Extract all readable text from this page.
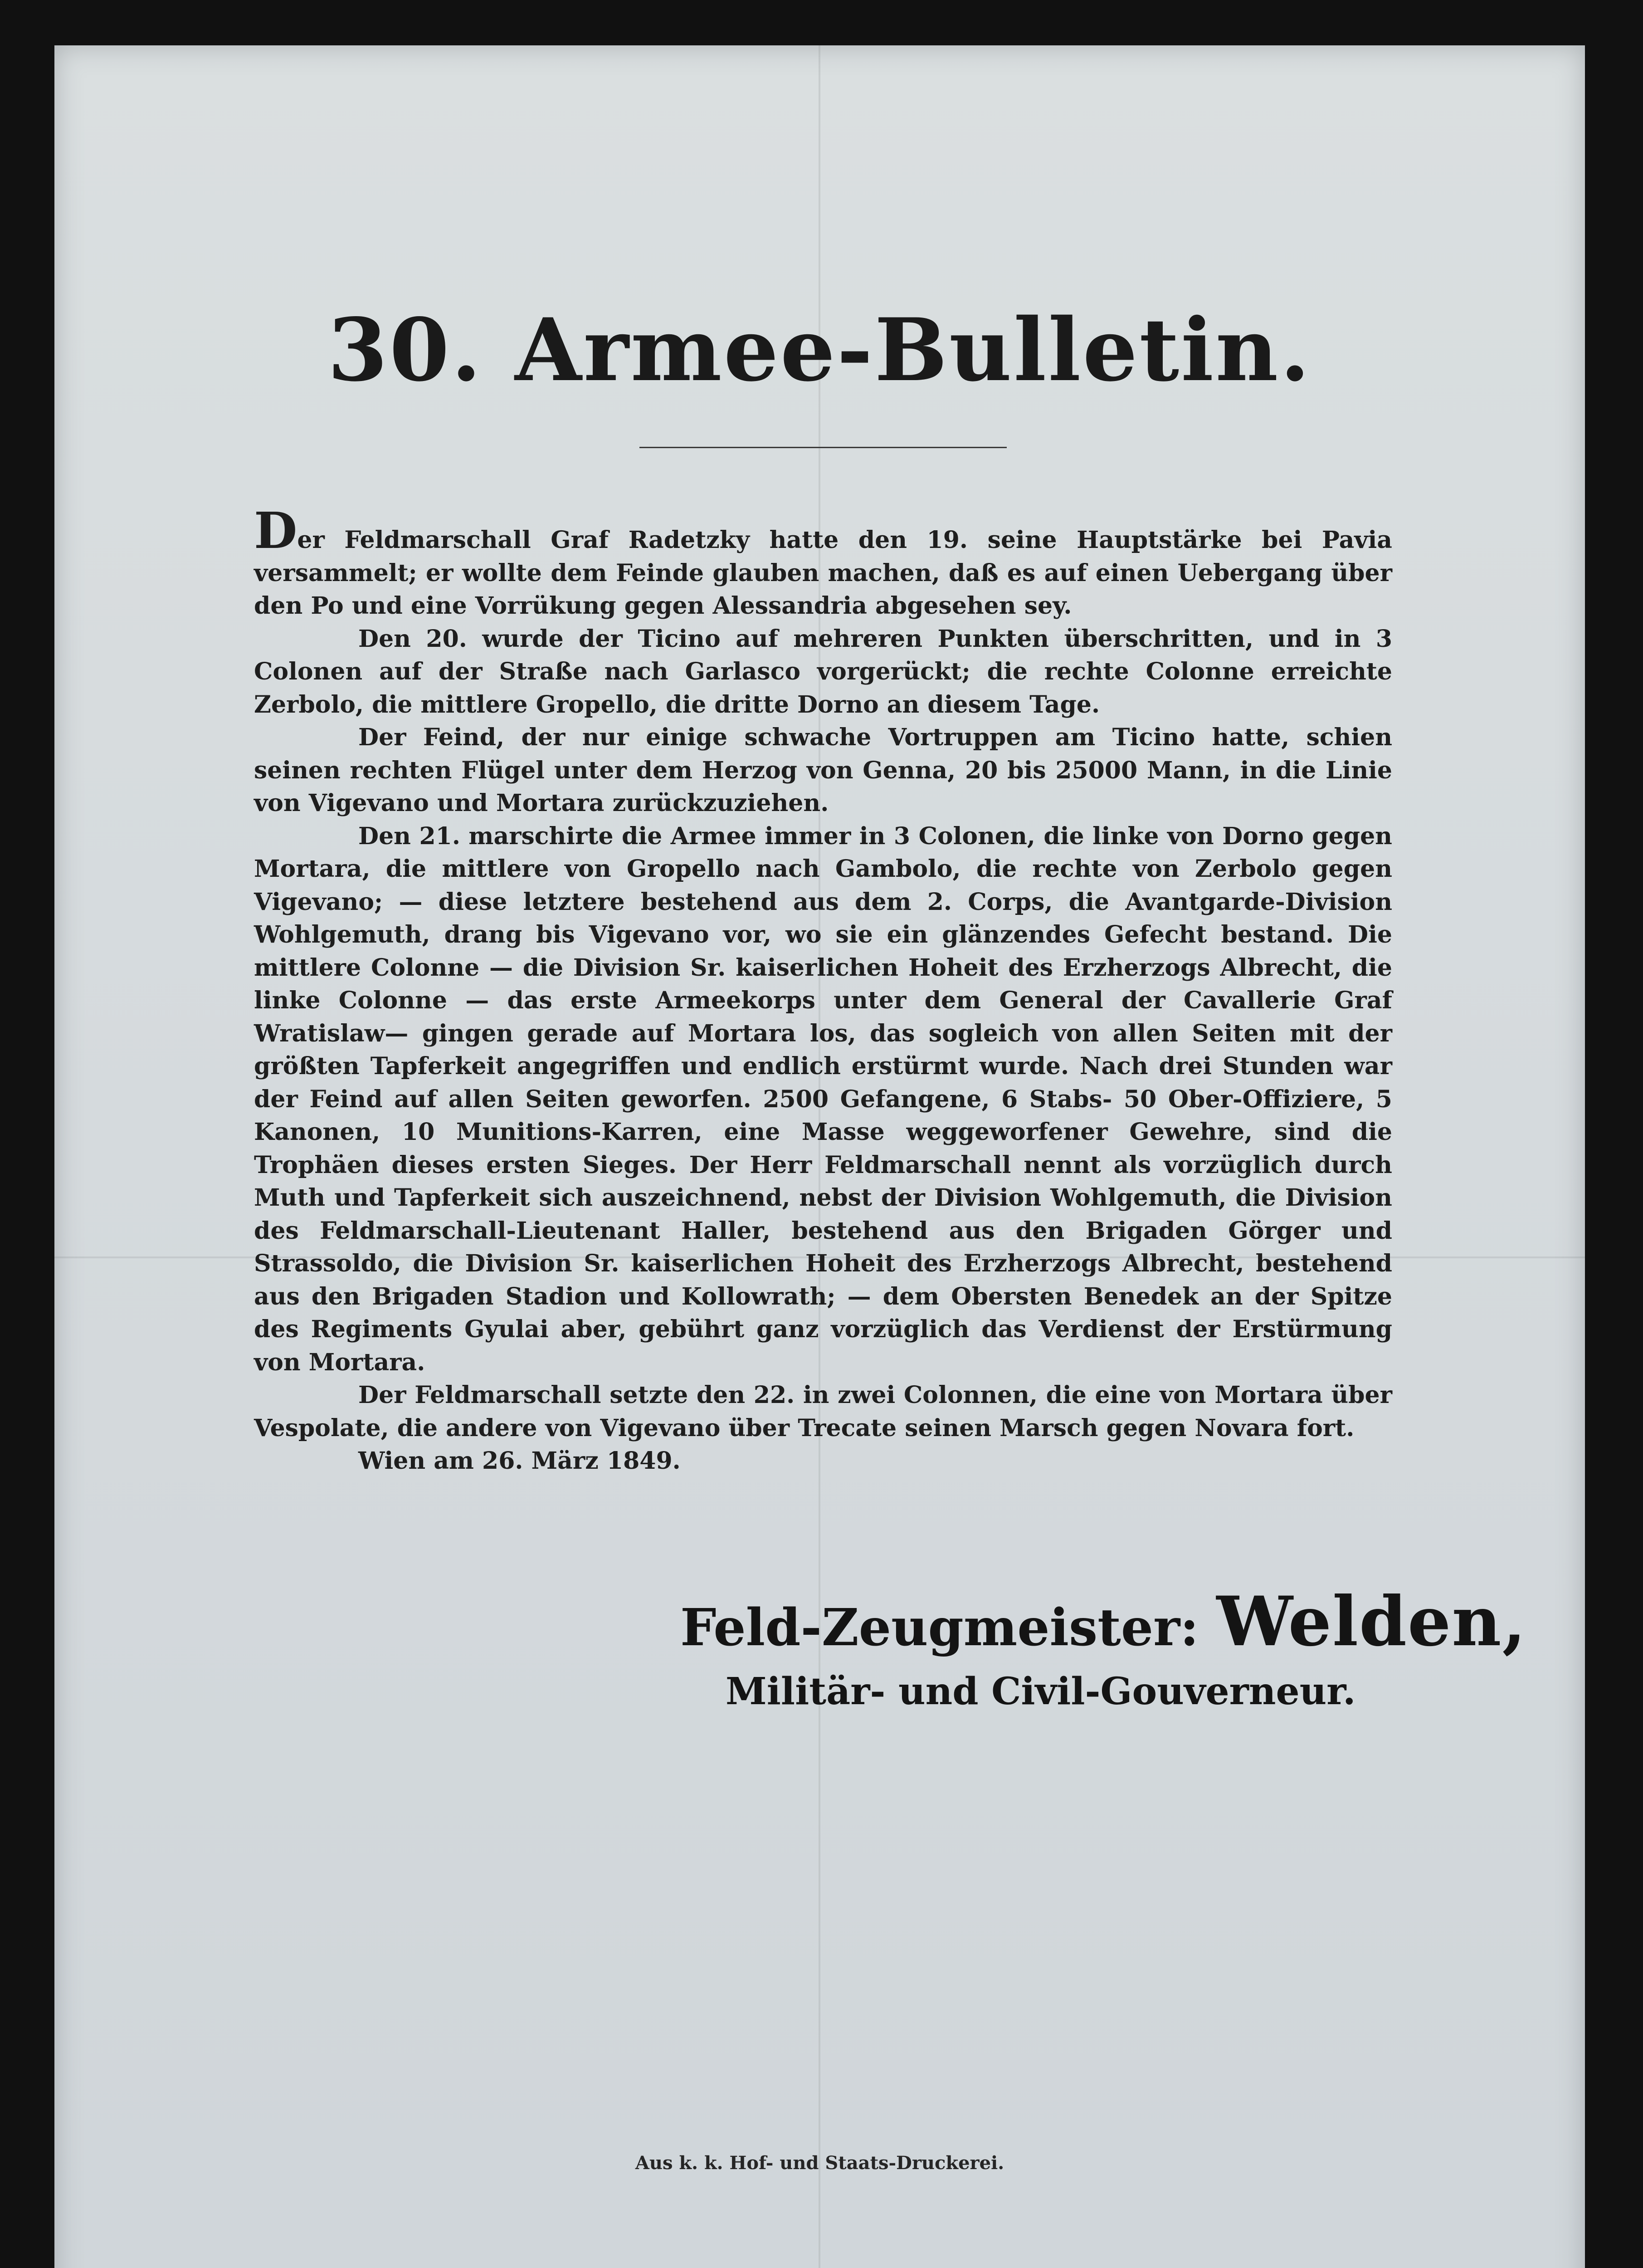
30. Armee-Bulletin.

Der Feldmarschall Graf Radetzky hatte den 19. seine Hauptstärke bei Pavia versammelt; er wollte dem Feinde glauben machen, daß es auf einen Uebergang über den Po und eine Vorrükung gegen Alessandria abgesehen sey.

Den 20. wurde der Ticino auf mehreren Punkten überschritten, und in 3 Colonen auf der Straße nach Garlasco vorgerückt; die rechte Colonne erreichte Zerbolo, die mittlere Gropello, die dritte Dorno an diesem Tage.

Der Feind, der nur einige schwache Vortruppen am Ticino hatte, schien seinen rechten Flügel unter dem Herzog von Genna, 20 bis 25000 Mann, in die Linie von Vigevano und Mortara zurückzuziehen.

Den 21. marschirte die Armee immer in 3 Colonen, die linke von Dorno gegen Mortara, die mittlere von Gropello nach Gambolo, die rechte von Zerbolo gegen Vigevano; — diese letztere bestehend aus dem 2. Corps, die Avantgarde-Division Wohlgemuth, drang bis Vigevano vor, wo sie ein glänzendes Gefecht bestand. Die mittlere Colonne — die Division Sr. kaiserlichen Hoheit des Erzherzogs Albrecht, die linke Colonne — das erste Armeekorps unter dem General der Cavallerie Graf Wratislaw— gingen gerade auf Mortara los, das sogleich von allen Seiten mit der größten Tapferkeit angegriffen und endlich erstürmt wurde. Nach drei Stunden war der Feind auf allen Seiten geworfen. 2500 Gefangene, 6 Stabs- 50 Ober-Offiziere, 5 Kanonen, 10 Munitions-Karren, eine Masse weggeworfener Gewehre, sind die Trophäen dieses ersten Sieges. Der Herr Feldmarschall nennt als vorzüglich durch Muth und Tapferkeit sich auszeichnend, nebst der Division Wohlgemuth, die Division des Feldmarschall-Lieutenant Haller, bestehend aus den Brigaden Görger und Strassoldo, die Division Sr. kaiserlichen Hoheit des Erzherzogs Albrecht, bestehend aus den Brigaden Stadion und Kollowrath; — dem Obersten Benedek an der Spitze des Regiments Gyulai aber, gebührt ganz vorzüglich das Verdienst der Erstürmung von Mortara.

Der Feldmarschall setzte den 22. in zwei Colonnen, die eine von Mortara über Vespolate, die andere von Vigevano über Trecate seinen Marsch gegen Novara fort.

Wien am 26. März 1849.

Feld-Zeugmeister: Welden,
Militär- und Civil-Gouverneur.
Aus k. k. Hof- und Staats-Druckerei.
